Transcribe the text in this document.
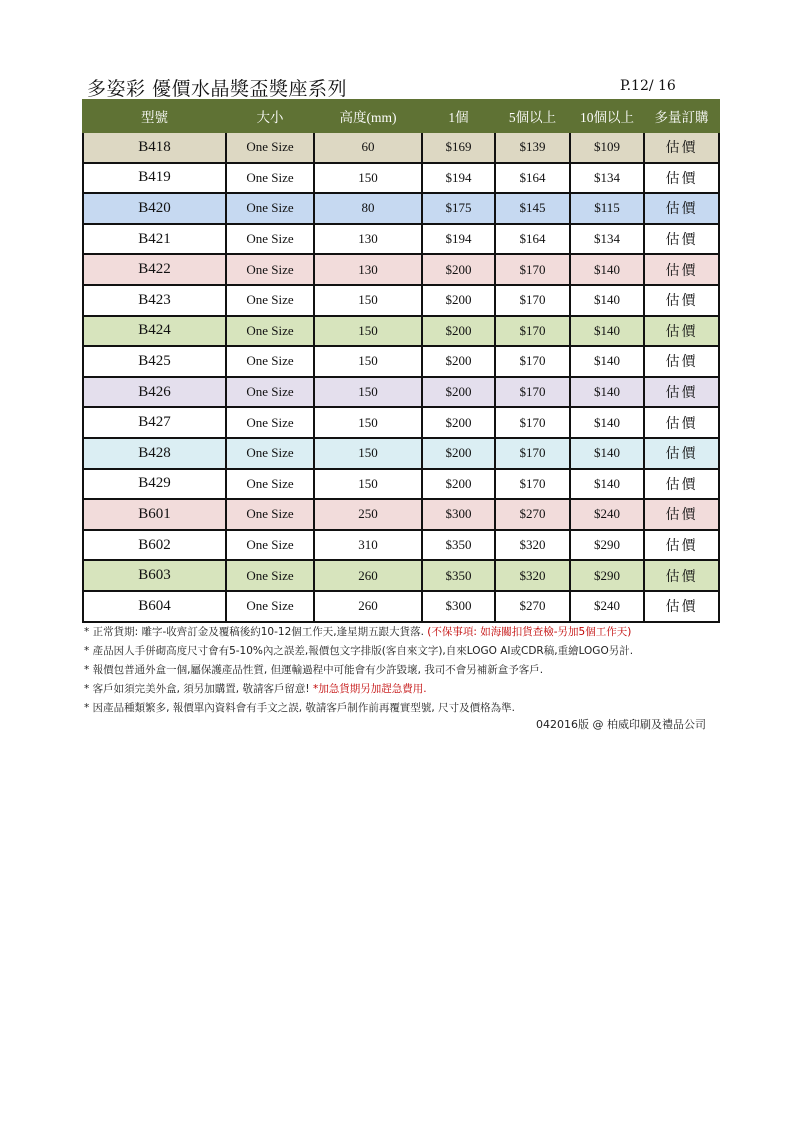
多姿彩 優價水晶獎盃獎座系列	P.12/ 16
型號	大小	高度(mm)	1個	5個以上	10個以上	多量訂購
B418	One Size	60	$169	$139	$109	估價
B419	One Size	150	$194	$164	$134	估價
B420	One Size	80	$175	$145	$115	估價
B421	One Size	130	$194	$164	$134	估價
B422	One Size	130	$200	$170	$140	估價
B423	One Size	150	$200	$170	$140	估價
B424	One Size	150	$200	$170	$140	估價
B425	One Size	150	$200	$170	$140	估價
B426	One Size	150	$200	$170	$140	估價
B427	One Size	150	$200	$170	$140	估價
B428	One Size	150	$200	$170	$140	估價
B429	One Size	150	$200	$170	$140	估價
B601	One Size	250	$300	$270	$240	估價
B602	One Size	310	$350	$320	$290	估價
B603	One Size	260	$350	$320	$290	估價
B604	One Size	260	$300	$270	$240	估價
* 正常貨期: 雕字-收齊訂金及覆稿後約10-12個工作天,逢星期五跟大貨落. (不保事項: 如海關扣貨查檢-另加5個工作天)
* 產品因人手併砌高度尺寸會有5-10%內之誤差,報價包文字排版(客自來文字),自來LOGO AI或CDR稿,重繪LOGO另計.
* 報價包普通外盒一個,屬保護產品性質, 但運輸過程中可能會有少許毀壞, 我司不會另補新盒予客戶.
* 客戶如須完美外盒, 須另加購置, 敬請客戶留意! *加急貨期另加趕急費用.
* 因產品種類繁多, 報價單內資料會有手文之誤, 敬請客戶制作前再覆實型號, 尺寸及價格為準.
042016版 @ 柏威印刷及禮品公司
